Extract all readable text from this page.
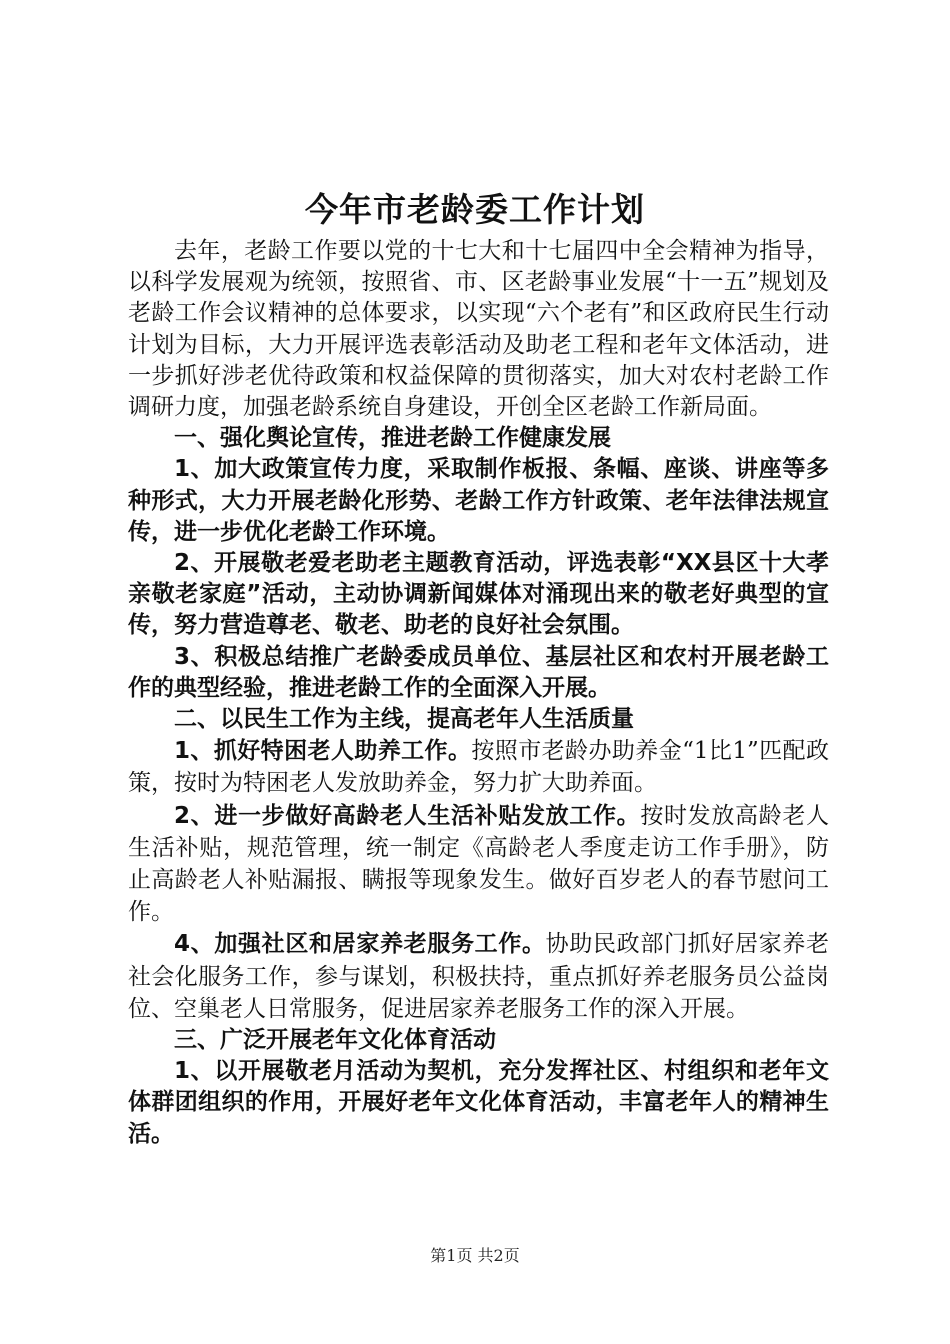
今年市老龄委工作计划

去年，老龄工作要以党的十七大和十七届四中全会精神为指导，以科学发展观为统领，按照省、市、区老龄事业发展“十一五”规划及老龄工作会议精神的总体要求，以实现“六个老有”和区政府民生行动计划为目标，大力开展评选表彰活动及助老工程和老年文体活动，进一步抓好涉老优待政策和权益保障的贯彻落实，加大对农村老龄工作调研力度，加强老龄系统自身建设，开创全区老龄工作新局面。

一、强化舆论宣传，推进老龄工作健康发展

1、加大政策宣传力度，采取制作板报、条幅、座谈、讲座等多种形式，大力开展老龄化形势、老龄工作方针政策、老年法律法规宣传，进一步优化老龄工作环境。

2、开展敬老爱老助老主题教育活动，评选表彰“XX县区十大孝亲敬老家庭”活动，主动协调新闻媒体对涌现出来的敬老好典型的宣传，努力营造尊老、敬老、助老的良好社会氛围。

3、积极总结推广老龄委成员单位、基层社区和农村开展老龄工作的典型经验，推进老龄工作的全面深入开展。

二、以民生工作为主线，提高老年人生活质量

1、抓好特困老人助养工作。按照市老龄办助养金“1比1”匹配政策，按时为特困老人发放助养金，努力扩大助养面。

2、进一步做好高龄老人生活补贴发放工作。按时发放高龄老人生活补贴，规范管理，统一制定《高龄老人季度走访工作手册》，防止高龄老人补贴漏报、瞒报等现象发生。做好百岁老人的春节慰问工作。

4、加强社区和居家养老服务工作。协助民政部门抓好居家养老社会化服务工作，参与谋划，积极扶持，重点抓好养老服务员公益岗位、空巢老人日常服务，促进居家养老服务工作的深入开展。

三、广泛开展老年文化体育活动

1、以开展敬老月活动为契机，充分发挥社区、村组织和老年文体群团组织的作用，开展好老年文化体育活动，丰富老年人的精神生活。

第1页 共2页
